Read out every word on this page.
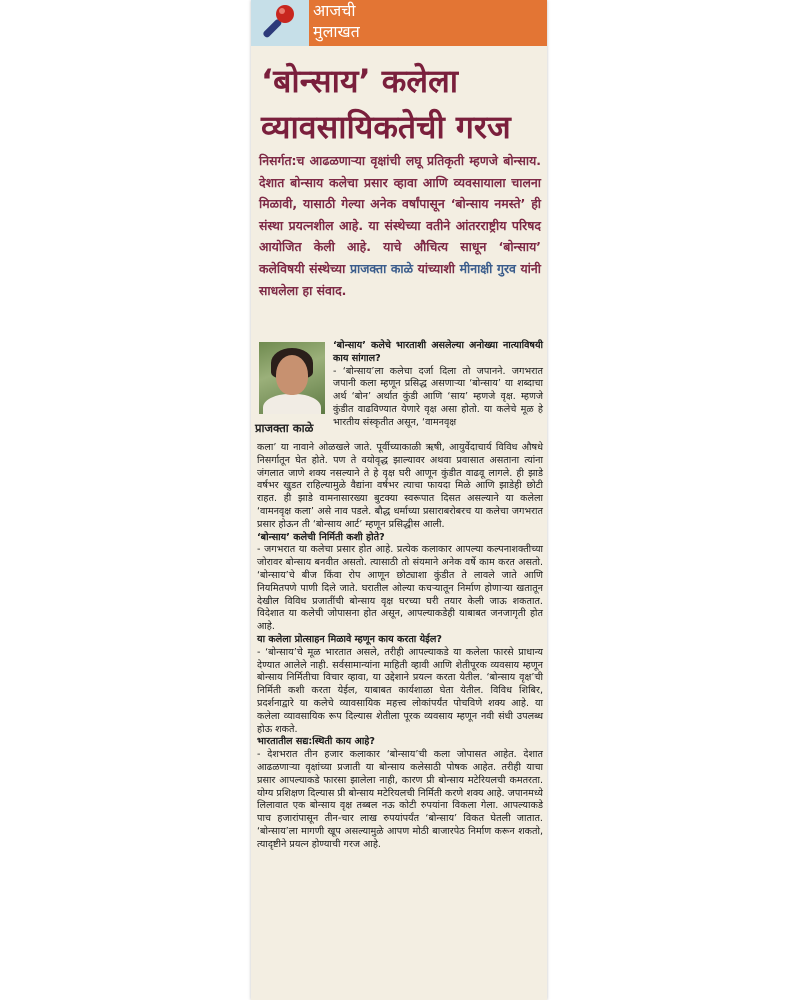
आजची
मुलाखत
‘बोन्साय’ कलेला
व्यावसायिकतेची गरज
निसर्गत:च आढळणाऱ्या वृक्षांची लघू प्रतिकृती म्हणजे बोन्साय. देशात बोन्साय कलेचा प्रसार व्हावा आणि व्यवसायाला चालना मिळावी, यासाठी गेल्या अनेक वर्षांपासून ‘बोन्साय नमस्ते’ ही संस्था प्रयत्नशील आहे. या संस्थेच्या वतीने आंतरराष्ट्रीय परिषद आयोजित केली आहे. याचे औचित्य साधून ‘बोन्साय’ कलेविषयी संस्थेच्या प्राजक्ता काळे यांच्याशी मीनाक्षी गुरव यांनी साधलेला हा संवाद.
प्राजक्ता काळे

‘बोन्साय’ कलेचे भारताशी असलेल्या अनोख्या नात्याविषयी काय सांगाल?

- ‘बोन्साय’ला कलेचा दर्जा दिला तो जपानने. जगभरात जपानी कला म्हणून प्रसिद्ध असणाऱ्या ‘बोन्साय’ या शब्दाचा अर्थ ‘बोन’ अर्थात कुंडी आणि ‘साय’ म्हणजे वृक्ष. म्हणजे कुंडीत वाढविण्यात येणारे वृक्ष असा होतो. या कलेचे मूळ हे भारतीय संस्कृतीत असून, ‘वामनवृक्ष

कला’ या नावाने ओळखले जाते. पूर्वीच्याकाळी ऋषी, आयुर्वेदाचार्य विविध औषधे निसर्गातून घेत होते. पण ते वयोवृद्ध झाल्यावर अथवा प्रवासात असताना त्यांना जंगलात जाणे शक्य नसल्याने ते हे वृक्ष घरी आणून कुंडीत वाढवू लागले. ही झाडे वर्षभर खुडत राहिल्यामुळे वैद्यांना वर्षभर त्याचा फायदा मिळे आणि झाडेही छोटी राहत. ही झाडे वामनासारख्या बुटक्या स्वरूपात दिसत असल्याने या कलेला ‘वामनवृक्ष कला’ असे नाव पडले. बौद्ध धर्माच्या प्रसाराबरोबरच या कलेचा जगभरात प्रसार होऊन ती ‘बोन्साय आर्ट’ म्हणून प्रसिद्धीस आली.

‘बोन्साय’ कलेची निर्मिती कशी होते?

- जगभरात या कलेचा प्रसार होत आहे. प्रत्येक कलाकार आपल्या कल्पनाशक्तीच्या जोरावर बोन्साय बनवीत असतो. त्यासाठी तो संयमाने अनेक वर्षे काम करत असतो. ‘बोन्साय’चे बीज किंवा रोप आणून छोट्याशा कुंडीत ते लावले जाते आणि नियमितपणे पाणी दिले जाते. घरातील ओल्या कचऱ्यातून निर्माण होणाऱ्या खतातून देखील विविध प्रजातींची बोन्साय वृक्ष घरच्या घरी तयार केली जाऊ शकतात. विदेशात या कलेची जोपासना होत असून, आपल्याकडेही याबाबत जनजागृती होत आहे.

या कलेला प्रोत्साहन मिळावे म्हणून काय करता येईल?

- ‘बोन्साय’चे मूळ भारतात असले, तरीही आपल्याकडे या कलेला फारसे प्राधान्य देण्यात आलेले नाही. सर्वसामान्यांना माहिती व्हावी आणि शेतीपूरक व्यवसाय म्हणून बोन्साय निर्मितीचा विचार व्हावा, या उद्देशाने प्रयत्न करता येतील. ‘बोन्साय वृक्ष’ची निर्मिती कशी करता येईल, याबाबत कार्यशाळा घेता येतील. विविध शिबिर, प्रदर्शनाद्वारे या कलेचे व्यावसायिक महत्त्व लोकांपर्यंत पोचविणे शक्य आहे. या कलेला व्यावसायिक रूप दिल्यास शेतीला पूरक व्यवसाय म्हणून नवी संधी उपलब्ध होऊ शकते.

भारतातील सद्य:स्थिती काय आहे?

- देशभरात तीन हजार कलाकार ‘बोन्साय’ची कला जोपासत आहेत. देशात आढळणाऱ्या वृक्षांच्या प्रजाती या बोन्साय कलेसाठी पोषक आहेत. तरीही याचा प्रसार आपल्याकडे फारसा झालेला नाही, कारण प्री बोन्साय मटेरियलची कमतरता. योग्य प्रशिक्षण दिल्यास प्री बोन्साय मटेरियलची निर्मिती करणे शक्य आहे. जपानमध्ये लिलावात एक बोन्साय वृक्ष तब्बल नऊ कोटी रुपयांना विकला गेला. आपल्याकडे पाच हजारांपासून तीन-चार लाख रुपयांपर्यंत ‘बोन्साय’ विकत घेतली जातात. ‘बोन्साय’ला मागणी खूप असल्यामुळे आपण मोठी बाजारपेठ निर्माण करून शकतो, त्यादृष्टीने प्रयत्न होण्याची गरज आहे.
